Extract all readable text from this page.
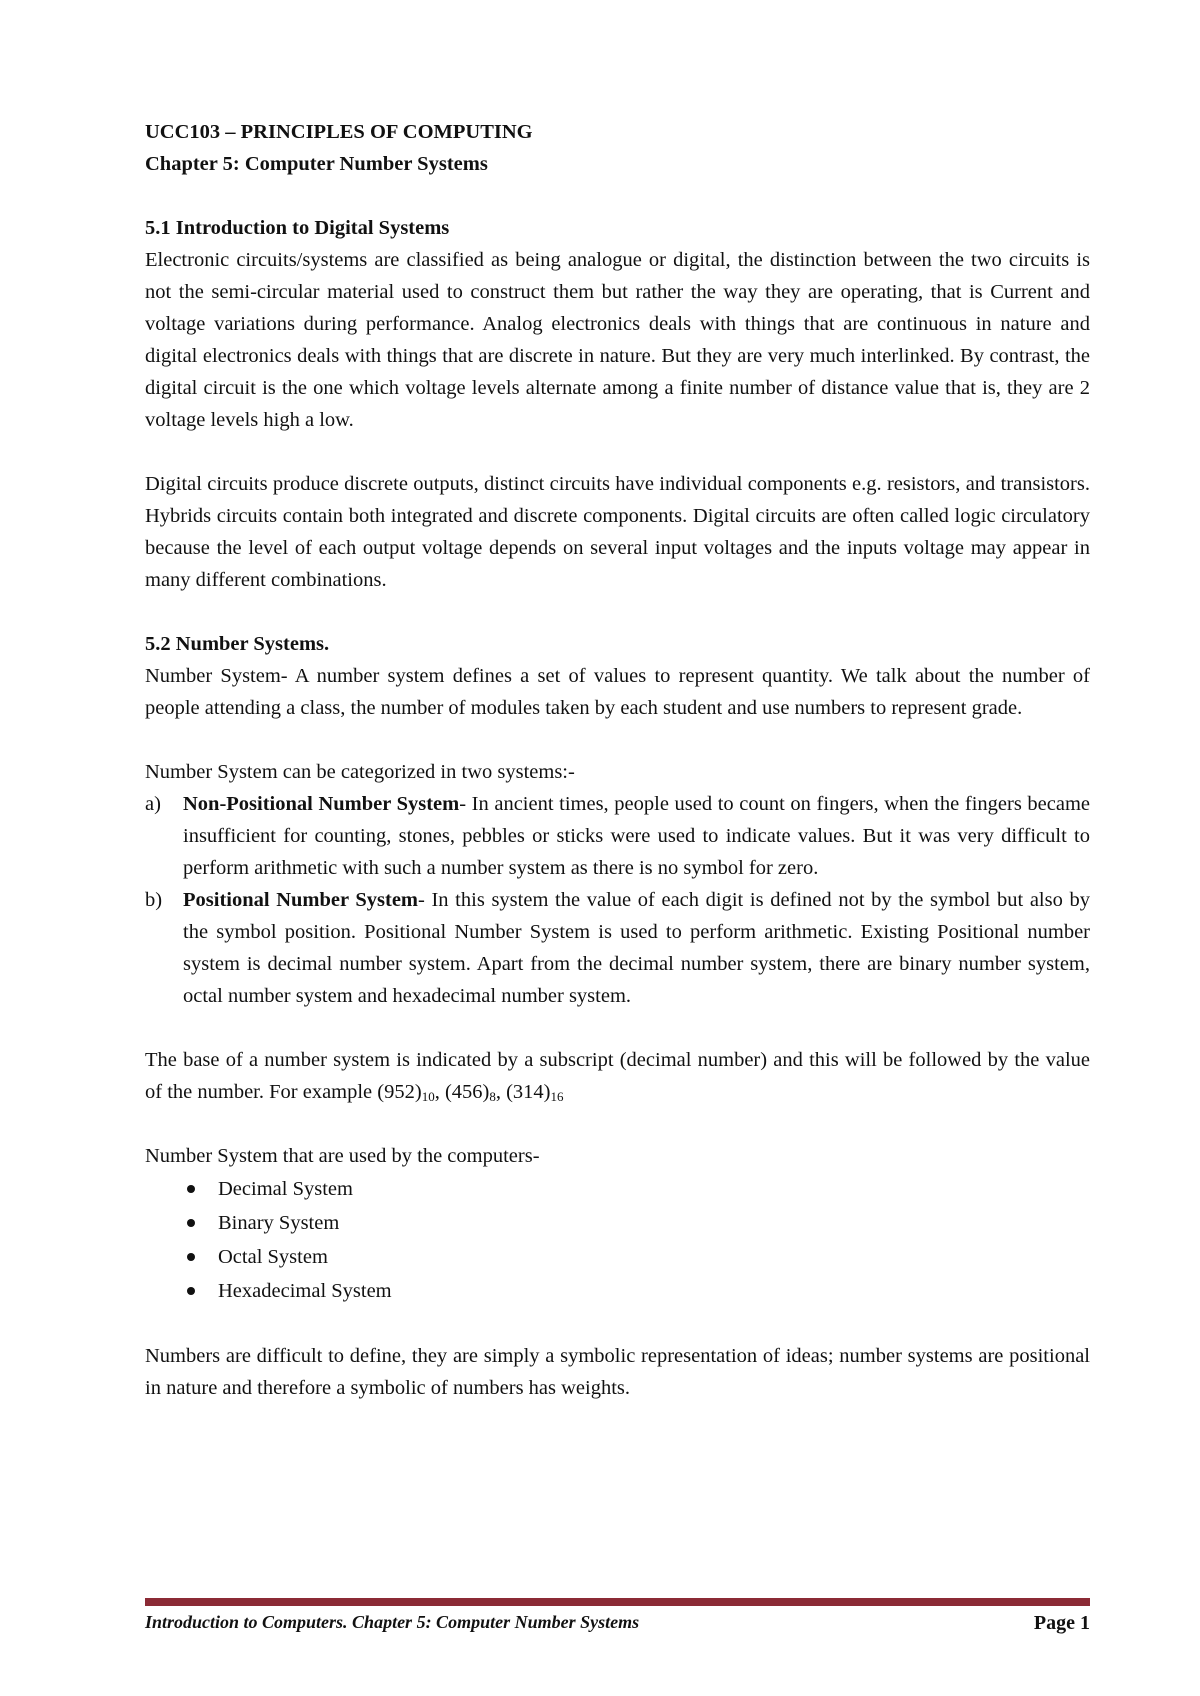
UCC103 – PRINCIPLES OF COMPUTING

Chapter 5: Computer Number Systems

5.1 Introduction to Digital Systems

Electronic circuits/systems are classified as being analogue or digital, the distinction between the two circuits is not the semi-circular material used to construct them but rather the way they are operating, that is Current and voltage variations during performance. Analog electronics deals with things that are continuous in nature and digital electronics deals with things that are discrete in nature. But they are very much interlinked. By contrast, the digital circuit is the one which voltage levels alternate among a finite number of distance value that is, they are 2 voltage levels high a low.

Digital circuits produce discrete outputs, distinct circuits have individual components e.g. resistors, and transistors. Hybrids circuits contain both integrated and discrete components. Digital circuits are often called logic circulatory because the level of each output voltage depends on several input voltages and the inputs voltage may appear in many different combinations.

5.2 Number Systems.

Number System- A number system defines a set of values to represent quantity. We talk about the number of people attending a class, the number of modules taken by each student and use numbers to represent grade.

Number System can be categorized in two systems:-

a)	Non-Positional Number System- In ancient times, people used to count on fingers, when the fingers became insufficient for counting, stones, pebbles or sticks were used to indicate values. But it was very difficult to perform arithmetic with such a number system as there is no symbol for zero.
b)	Positional Number System- In this system the value of each digit is defined not by the symbol but also by the symbol position. Positional Number System is used to perform arithmetic. Existing Positional number system is decimal number system. Apart from the decimal number system, there are binary number system, octal number system and hexadecimal number system.

The base of a number system is indicated by a subscript (decimal number) and this will be followed by the value of the number. For example $(952)_{10}$, $(456)_8$, $(314)_{16}$

Number System that are used by the computers-

Decimal System
Binary System
Octal System
Hexadecimal System

Numbers are difficult to define, they are simply a symbolic representation of ideas; number systems are positional in nature and therefore a symbolic of numbers has weights.

Introduction to Computers. Chapter 5: Computer Number Systems	Page 1
